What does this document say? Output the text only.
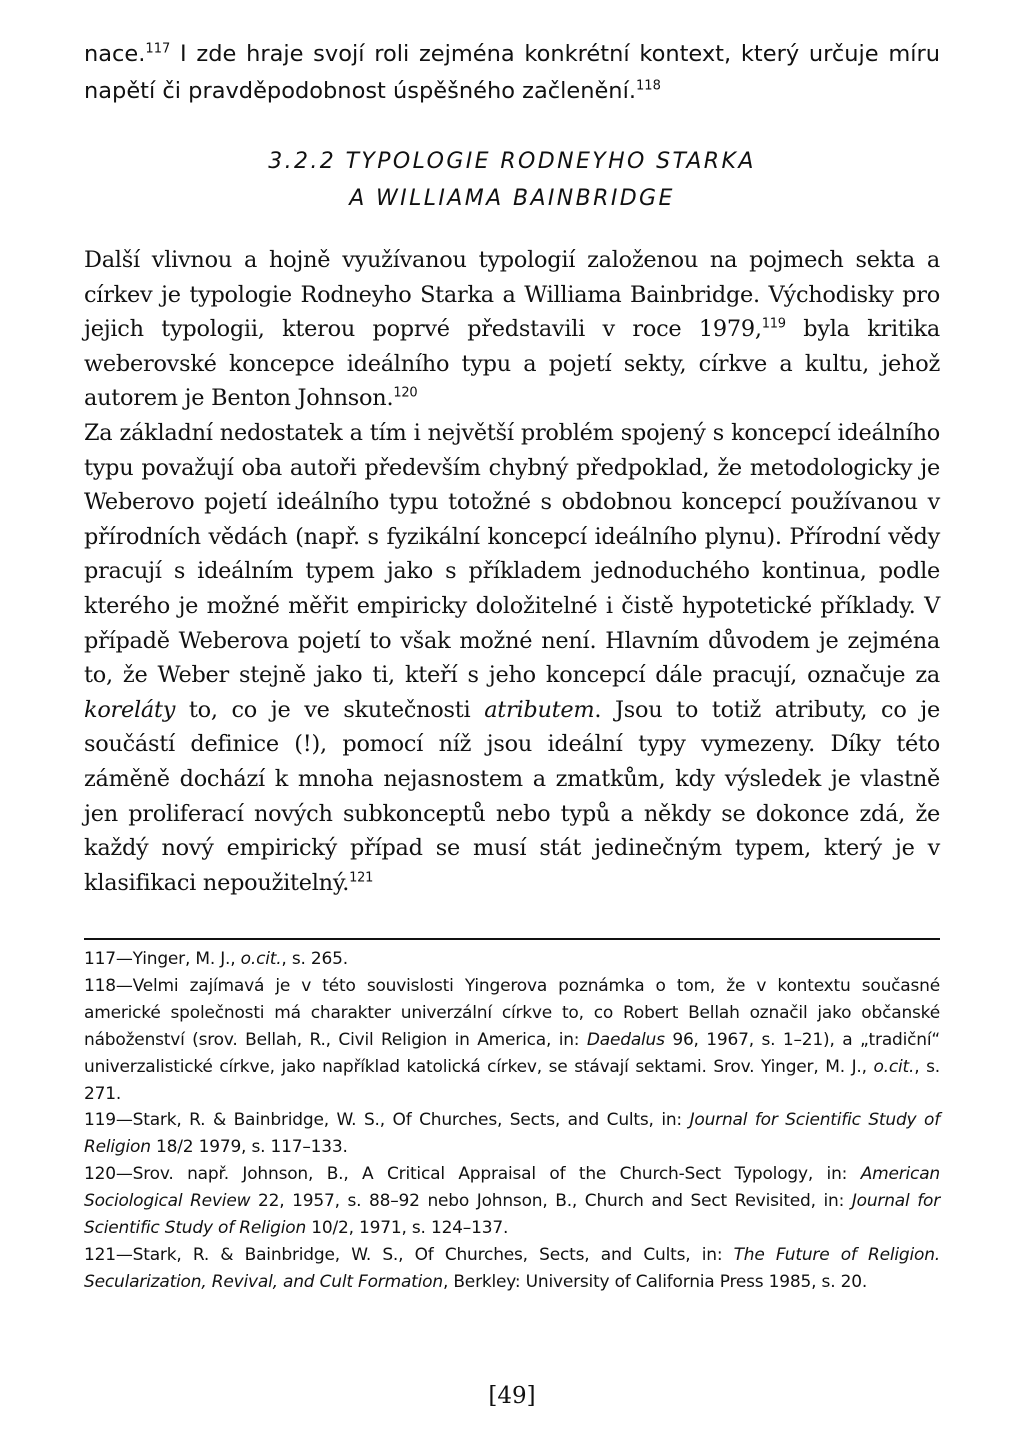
nace.$^{117}$ I zde hraje svojí roli zejména konkrétní kontext, který určuje míru napětí či pravděpodobnost úspěšného začlenění.$^{118}$

3.2.2 TYPOLOGIE RODNEYHO STARKA
A WILLIAMA BAINBRIDGE

Další vlivnou a hojně využívanou typologií založenou na pojmech sekta a církev je typologie Rodneyho Starka a Williama Bainbridge. Východisky pro jejich typologii, kterou poprvé představili v roce 1979,$^{119}$ byla kritika weberovské koncepce ideálního typu a pojetí sekty, církve a kultu, jehož autorem je Benton Johnson.$^{120}$

Za základní nedostatek a tím i největší problém spojený s koncepcí ideálního typu považují oba autoři především chybný předpoklad, že metodologicky je Weberovo pojetí ideálního typu totožné s obdobnou koncepcí používanou v přírodních vědách (např. s fyzikální koncepcí ideálního plynu). Přírodní vědy pracují s ideálním typem jako s příkladem jednoduchého kontinua, podle kterého je možné měřit empiricky doložitelné i čistě hypotetické příklady. V případě Weberova pojetí to však možné není. Hlavním důvodem je zejména to, že Weber stejně jako ti, kteří s jeho koncepcí dále pracují, označuje za koreláty to, co je ve skutečnosti atributem. Jsou to totiž atributy, co je součástí definice (!), pomocí níž jsou ideální typy vymezeny. Díky této záměně dochází k mnoha nejasnostem a zmatkům, kdy výsledek je vlastně jen proliferací nových subkonceptů nebo typů a někdy se dokonce zdá, že každý nový empirický případ se musí stát jedinečným typem, který je v klasifikaci nepoužitelný.$^{121}$

117—Yinger, M. J., o.cit., s. 265.

118—Velmi zajímavá je v této souvislosti Yingerova poznámka o tom, že v kontextu současné americké společnosti má charakter univerzální církve to, co Robert Bellah označil jako občanské náboženství (srov. Bellah, R., Civil Religion in America, in: Daedalus 96, 1967, s. 1–21), a „tradiční“ univerzalistické církve, jako například katolická církev, se stávají sektami. Srov. Yinger, M. J., o.cit., s. 271.

119—Stark, R. & Bainbridge, W. S., Of Churches, Sects, and Cults, in: Journal for Scientific Study of Religion 18/2 1979, s. 117–133.

120—Srov. např. Johnson, B., A Critical Appraisal of the Church-Sect Typology, in: American Sociological Review 22, 1957, s. 88–92 nebo Johnson, B., Church and Sect Revisited, in: Journal for Scientific Study of Religion 10/2, 1971, s. 124–137.

121—Stark, R. & Bainbridge, W. S., Of Churches, Sects, and Cults, in: The Future of Religion. Secularization, Revival, and Cult Formation, Berkley: University of California Press 1985, s. 20.

[49]
